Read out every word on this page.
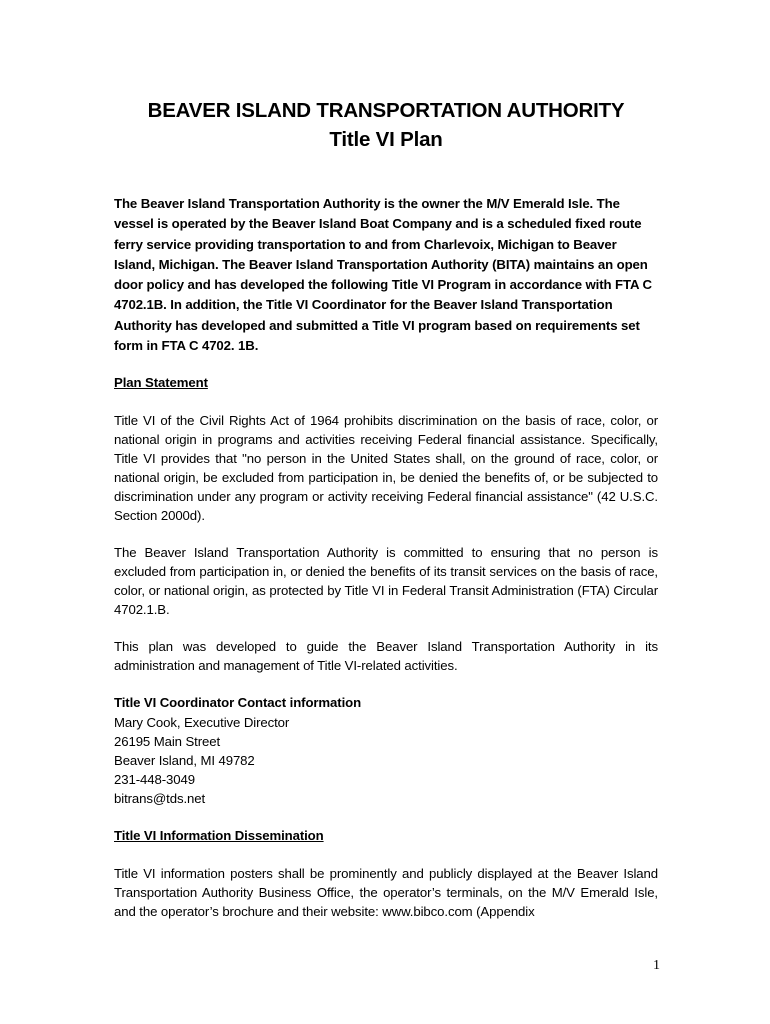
BEAVER ISLAND TRANSPORTATION AUTHORITY
Title VI Plan

The Beaver Island Transportation Authority is the owner the M/V Emerald Isle. The vessel is operated by the Beaver Island Boat Company and is a scheduled fixed route ferry service providing transportation to and from Charlevoix, Michigan to Beaver Island, Michigan. The Beaver Island Transportation Authority (BITA) maintains an open door policy and has developed the following Title VI Program in accordance with FTA C 4702.1B. In addition, the Title VI Coordinator for the Beaver Island Transportation Authority has developed and submitted a Title VI program based on requirements set form in FTA C 4702. 1B.

Plan Statement

Title VI of the Civil Rights Act of 1964 prohibits discrimination on the basis of race, color, or national origin in programs and activities receiving Federal financial assistance. Specifically, Title VI provides that "no person in the United States shall, on the ground of race, color, or national origin, be excluded from participation in, be denied the benefits of, or be subjected to discrimination under any program or activity receiving Federal financial assistance" (42 U.S.C. Section 2000d).

The Beaver Island Transportation Authority is committed to ensuring that no person is excluded from participation in, or denied the benefits of its transit services on the basis of race, color, or national origin, as protected by Title VI in Federal Transit Administration (FTA) Circular 4702.1.B.

This plan was developed to guide the Beaver Island Transportation Authority in its administration and management of Title VI-related activities.

Title VI Coordinator Contact information

Mary Cook, Executive Director

26195 Main Street

Beaver Island, MI 49782

231-448-3049

bitrans@tds.net

Title VI Information Dissemination

Title VI information posters shall be prominently and publicly displayed at the Beaver Island Transportation Authority Business Office, the operator’s terminals, on the M/V Emerald Isle, and the operator’s brochure and their website: www.bibco.com (Appendix

1
